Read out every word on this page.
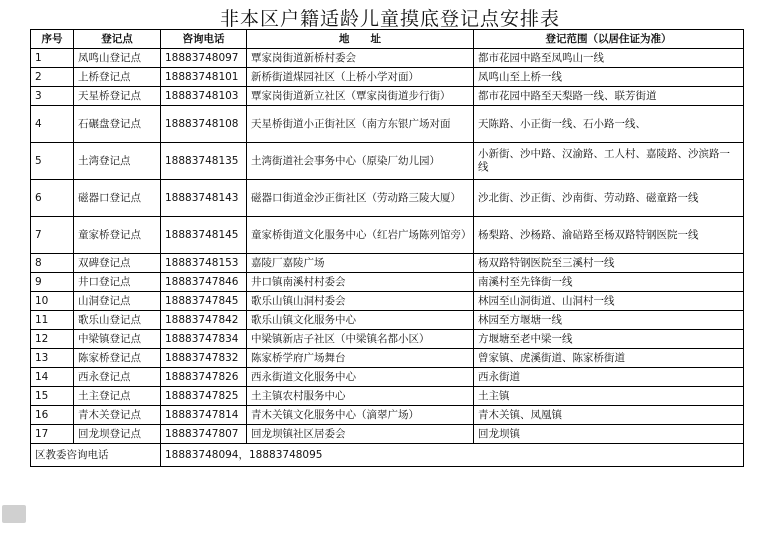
非本区户籍适龄儿童摸底登记点安排表
序号	登记点	咨询电话	地　　址	登记范围（以居住证为准）
1	凤鸣山登记点	18883748097	覃家岗街道新桥村委会	都市花园中路至凤鸣山一线
2	上桥登记点	18883748101	新桥街道煤园社区（上桥小学对面）	凤鸣山至上桥一线
3	天星桥登记点	18883748103	覃家岗街道新立社区（覃家岗街道步行街）	都市花园中路至天梨路一线、联芳街道
4	石碾盘登记点	18883748108	天星桥街道小正街社区（南方东银广场对面	天陈路、小正街一线、石小路一线、
5	土湾登记点	18883748135	土湾街道社会事务中心（原染厂幼儿园）	小新街、沙中路、汉渝路、工人村、嘉陵路、沙滨路一线
6	磁器口登记点	18883748143	磁器口街道金沙正街社区（劳动路三陵大厦）	沙北街、沙正街、沙南街、劳动路、磁童路一线
7	童家桥登记点	18883748145	童家桥街道文化服务中心（红岩广场陈列馆旁）	杨梨路、沙杨路、渝碚路至杨双路特钢医院一线
8	双碑登记点	18883748153	嘉陵厂嘉陵广场	杨双路特钢医院至三溪村一线
9	井口登记点	18883747846	井口镇南溪村村委会	南溪村至先锋街一线
10	山洞登记点	18883747845	歌乐山镇山洞村委会	林园至山洞街道、山洞村一线
11	歌乐山登记点	18883747842	歌乐山镇文化服务中心	林园至方堰塘一线
12	中梁镇登记点	18883747834	中梁镇新店子社区（中梁镇名都小区）	方堰塘至老中梁一线
13	陈家桥登记点	18883747832	陈家桥学府广场舞台	曾家镇、虎溪街道、陈家桥街道
14	西永登记点	18883747826	西永街道文化服务中心	西永街道
15	土主登记点	18883747825	土主镇农村服务中心	土主镇
16	青木关登记点	18883747814	青木关镇文化服务中心（滴翠广场）	青木关镇、凤凰镇
17	回龙坝登记点	18883747807	回龙坝镇社区居委会	回龙坝镇
区教委咨询电话		18883748094，18883748095		
